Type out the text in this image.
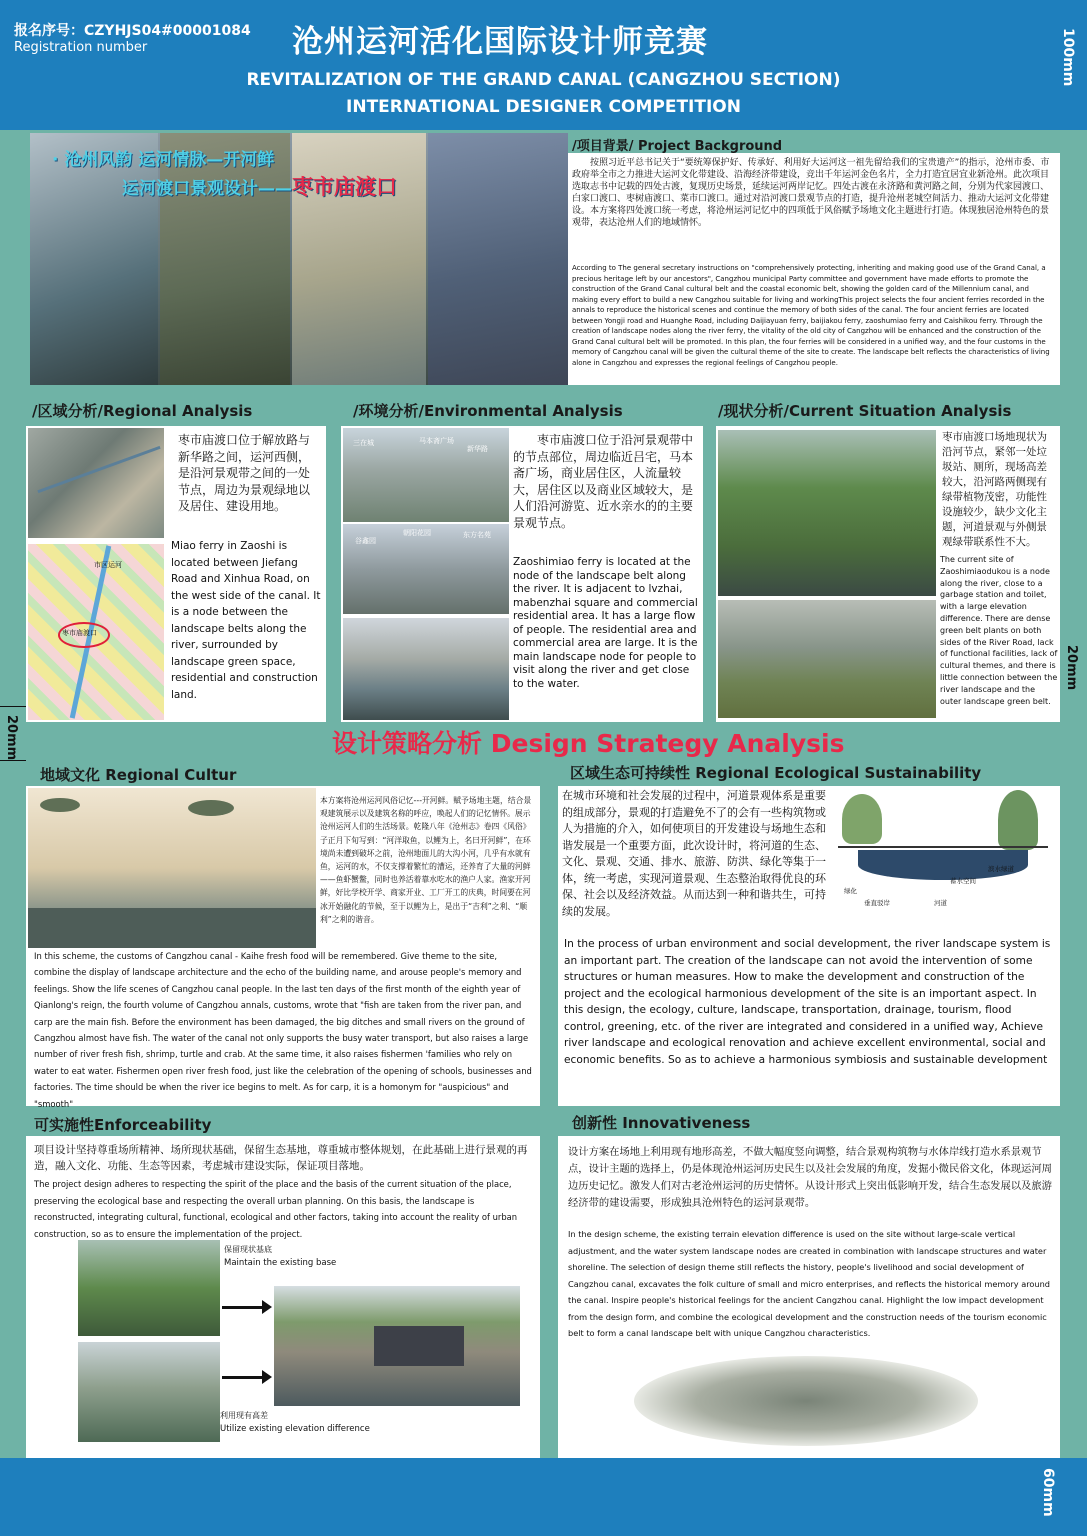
报名序号：CZYHJS04#00001084
Registration number	沧州运河活化国际设计师竞赛
REVITALIZATION OF THE GRAND CANAL (CANGZHOU SECTION)
INTERNATIONAL DESIGNER COMPETITION
100mm
20mm
20mm
· 沧州风韵 运河情脉—开河鲜
运河渡口景观设计——枣市庙渡口
/项目背景/ Project Background
按照习近平总书记关于“要统筹保护好、传承好、利用好大运河这一祖先留给我们的宝贵遗产”的指示，沧州市委、市政府举全市之力推进大运河文化带建设、沿海经济带建设，竞出千年运河金色名片，全力打造宜居宜业新沧州。此次项目选取志书中记载的四处古渡，复现历史场景，延续运河两岸记忆。四处古渡在永济路和黄河路之间，分别为代家园渡口、白家口渡口、枣树庙渡口、菜市口渡口。通过对沿河渡口景观节点的打造，提升沧州老城空间活力、推动大运河文化带建设。本方案将四处渡口统一考虑，将沧州运河记忆中的四项低于风俗赋予场地文化主题进行打造。体现独居沧州特色的景观带，表达沧州人们的地域情怀。
According to The general secretary instructions on "comprehensively protecting, inheriting and making good use of the Grand Canal, a precious heritage left by our ancestors", Cangzhou municipal Party committee and government have made efforts to promote the construction of the Grand Canal cultural belt and the coastal economic belt, showing the golden card of the Millennium canal, and making every effort to build a new Cangzhou suitable for living and workingThis project selects the four ancient ferries recorded in the annals to reproduce the historical scenes and continue the memory of both sides of the canal. The four ancient ferries are located between Yongji road and Huanghe Road, including Daijiayuan ferry, baijiakou ferry, zaoshumiao ferry and Caishikou ferry. Through the creation of landscape nodes along the river ferry, the vitality of the old city of Cangzhou will be enhanced and the construction of the Grand Canal cultural belt will be promoted. In this plan, the four ferries will be considered in a unified way, and the four customs in the memory of Cangzhou canal will be given the cultural theme of the site to create. The landscape belt reflects the characteristics of living alone in Cangzhou and expresses the regional feelings of Cangzhou people.
/区域分析/Regional Analysis	/环境分析/Environmental Analysis	/现状分析/Current Situation Analysis
市区运河
枣市庙渡口
枣市庙渡口位于解放路与新华路之间，运河西侧，是沿河景观带之间的一处节点，周边为景观绿地以及居住、建设用地。
Miao ferry in Zaoshi is located between Jiefang Road and Xinhua Road, on the west side of the canal. It is a node between the landscape belts along the river, surrounded by landscape green space, residential and construction land.
三在城	马本斋广场
新华路
朝阳花园	东方名苑
谷鑫园
枣市庙渡口位于沿河景观带中的节点部位，周边临近吕宅，马本斋广场，商业居住区，人流量较大，居住区以及商业区域较大，是人们沿河游览、近水亲水的的主要景观节点。
Zaoshimiao ferry is located at the node of the landscape belt along the river. It is adjacent to lvzhai, mabenzhai square and commercial residential area. It has a large flow of people. The residential area and commercial area are large. It is the main landscape node for people to visit along the river and get close to the water.
枣市庙渡口场地现状为沿河节点，紧邻一处垃圾站、厕所，现场高差较大，沿河路两侧现有绿带植物茂密，功能性设施较少，缺少文化主题，河道景观与外侧景观绿带联系性不大。
The current site of Zaoshimiaodukou is a node along the river, close to a garbage station and toilet, with a large elevation difference. There are dense green belt plants on both sides of the River Road, lack of functional facilities, lack of cultural themes, and there is little connection between the river landscape and the outer landscape green belt.
设计策略分析 Design Strategy Analysis
地域文化 Regional Cultur
本方案将沧州运河风俗记忆---开河鲜。赋予场地主题，结合景观建筑展示以及建筑名称的呼应，唤起人们的记忆情怀。展示沧州运河人们的生活场景。乾隆八年《沧州志》卷四《风俗》子正月下旬写到：“河洋取鱼，以鲤为上，名曰开河鲜”，在环境尚未遭到破坏之前，沧州地面儿的大沟小河，几乎有水就有鱼，运河的水，不仅支撑着繁忙的漕运，还养育了大量的河鲜——鱼虾蟹鳖，同时也养活着靠水吃水的渔户人家。渔家开河鲜，好比学校开学、商家开业、工厂开工的庆典，时间要在河冰开始融化的节候，至于以鲤为上，是出于“吉利”之利、“顺利”之利的谐音。
In this scheme, the customs of Cangzhou canal - Kaihe fresh food will be remembered. Give theme to the site, combine the display of landscape architecture and the echo of the building name, and arouse people's memory and feelings. Show the life scenes of Cangzhou canal people. In the last ten days of the first month of the eighth year of Qianlong's reign, the fourth volume of Cangzhou annals, customs, wrote that "fish are taken from the river pan, and carp are the main fish. Before the environment has been damaged, the big ditches and small rivers on the ground of Cangzhou almost have fish. The water of the canal not only supports the busy water transport, but also raises a large number of river fresh fish, shrimp, turtle and crab. At the same time, it also raises fishermen 'families who rely on water to eat water. Fishermen open river fresh food, just like the celebration of the opening of schools, businesses and factories. The time should be when the river ice begins to melt. As for carp, it is a homonym for "auspicious" and "smooth"
区域生态可持续性 Regional Ecological Sustainability
在城市环境和社会发展的过程中，河道景观体系是重要的组成部分，景观的打造避免不了的会有一些构筑物或人为措施的介入，如何使项目的开发建设与场地生态和谐发展是一个重要方面，此次设计时，将河道的生态、文化、景观、交通、排水、旅游、防洪、绿化等集于一体，统一考虑，实现河道景观、生态整治取得优良的环保、社会以及经济效益。从而达到一种和谐共生，可持续的发展。
绿化
滨水绿道
蓄水空间
垂直驳岸	河道
In the process of urban environment and social development, the river landscape system is an important part. The creation of the landscape can not avoid the intervention of some structures or human measures. How to make the development and construction of the project and the ecological harmonious development of the site is an important aspect. In this design, the ecology, culture, landscape, transportation, drainage, tourism, flood control, greening, etc. of the river are integrated and considered in a unified way, Achieve river landscape and ecological renovation and achieve excellent environmental, social and economic benefits. So as to achieve a harmonious symbiosis and sustainable development
可实施性Enforceability
项目设计坚持尊重场所精神、场所现状基础，保留生态基地，尊重城市整体规划，在此基础上进行景观的再造，融入文化、功能、生态等因素，考虑城市建设实际，保证项目落地。
The project design adheres to respecting the spirit of the place and the basis of the current situation of the place, preserving the ecological base and respecting the overall urban planning. On this basis, the landscape is reconstructed, integrating cultural, functional, ecological and other factors, taking into account the reality of urban construction, so as to ensure the implementation of the project.
保留现状基底
Maintain the existing base
利用现有高差
Utilize existing elevation difference
创新性 Innovativeness
设计方案在场地上利用现有地形高差，不做大幅度竖向调整，结合景观构筑物与水体岸线打造水系景观节点，设计主题的选择上，仍是体现沧州运河历史民生以及社会发展的角度，发掘小微民俗文化，体现运河周边历史记忆。激发人们对古老沧州运河的历史情怀。从设计形式上突出低影响开发，结合生态发展以及旅游经济带的建设需要，形成独具沧州特色的运河景观带。
In the design scheme, the existing terrain elevation difference is used on the site without large-scale vertical adjustment, and the water system landscape nodes are created in combination with landscape structures and water shoreline. The selection of design theme still reflects the history, people's livelihood and social development of Cangzhou canal, excavates the folk culture of small and micro enterprises, and reflects the historical memory around the canal. Inspire people's historical feelings for the ancient Cangzhou canal. Highlight the low impact development from the design form, and combine the ecological development and the construction needs of the tourism economic belt to form a canal landscape belt with unique Cangzhou characteristics.
60mm
